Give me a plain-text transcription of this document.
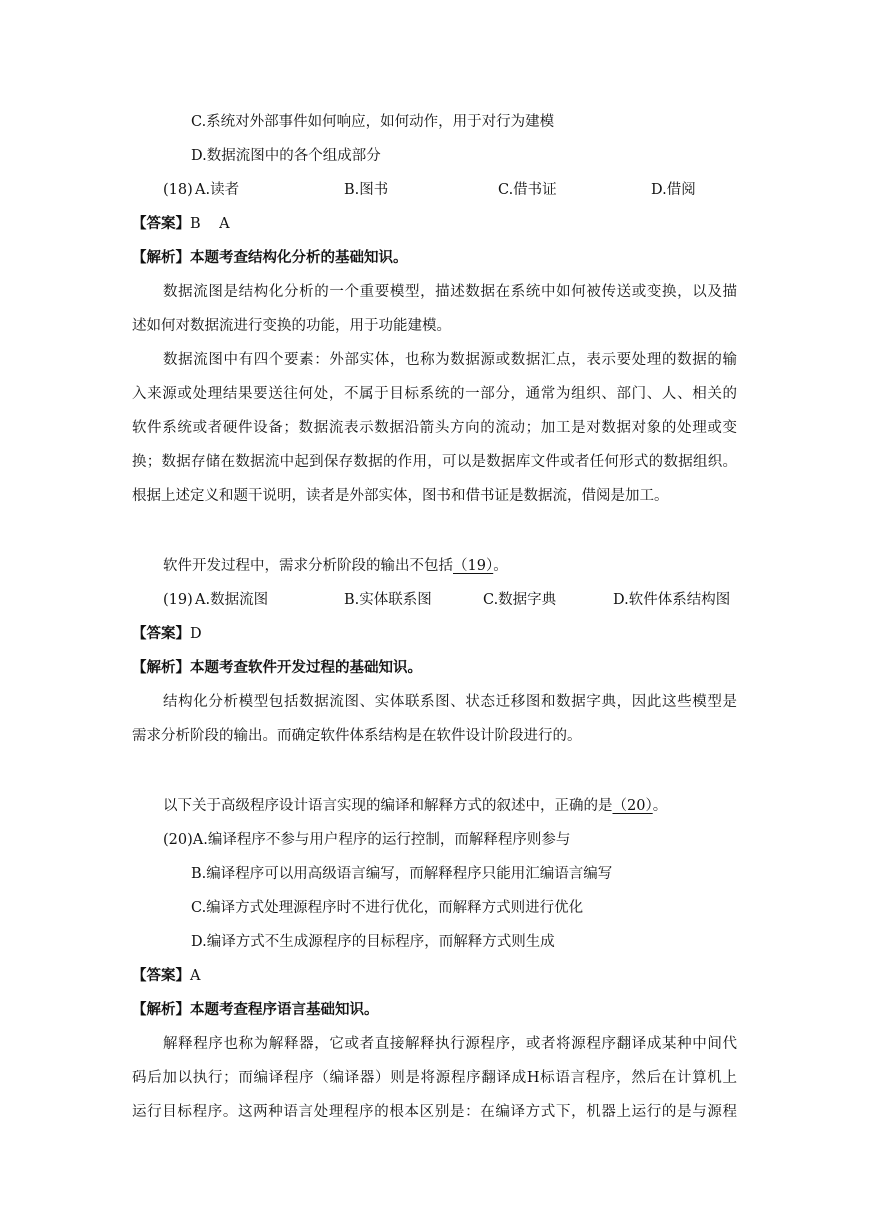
C.系统对外部事件如何响应，如何动作，用于对行为建模
D.数据流图中的各个组成部分
(18) A.读者	B.图书	C.借书证	D.借阅
【答案】B    A
【解析】本题考查结构化分析的基础知识。
数据流图是结构化分析的一个重要模型，描述数据在系统中如何被传送或变换，以及描
述如何对数据流进行变换的功能，用于功能建模。
数据流图中有四个要素：外部实体，也称为数据源或数据汇点，表示要处理的数据的输
入来源或处理结果要送往何处，不属于目标系统的一部分，通常为组织、部门、人、相关的
软件系统或者硬件设备；数据流表示数据沿箭头方向的流动；加工是对数据对象的处理或变
换；数据存储在数据流中起到保存数据的作用，可以是数据库文件或者任何形式的数据组织。
根据上述定义和题干说明，读者是外部实体，图书和借书证是数据流，借阅是加工。
软件开发过程中，需求分析阶段的输出不包括（19）。
(19) A.数据流图	B.实体联系图	C.数据字典	D.软件体系结构图
【答案】D
【解析】本题考查软件开发过程的基础知识。
结构化分析模型包括数据流图、实体联系图、状态迁移图和数据字典，因此这些模型是
需求分析阶段的输出。而确定软件体系结构是在软件设计阶段进行的。
以下关于高级程序设计语言实现的编译和解释方式的叙述中，正确的是（20）。
(20)A.编译程序不参与用户程序的运行控制，而解释程序则参与
B.编译程序可以用高级语言编写，而解释程序只能用汇编语言编写
C.编译方式处理源程序时不进行优化，而解释方式则进行优化
D.编译方式不生成源程序的目标程序，而解释方式则生成
【答案】A
【解析】本题考查程序语言基础知识。
解释程序也称为解释器，它或者直接解释执行源程序，或者将源程序翻译成某种中间代
码后加以执行；而编译程序（编译器）则是将源程序翻译成H标语言程序，然后在计算机上
运行目标程序。这两种语言处理程序的根本区别是：在编译方式下，机器上运行的是与源程
